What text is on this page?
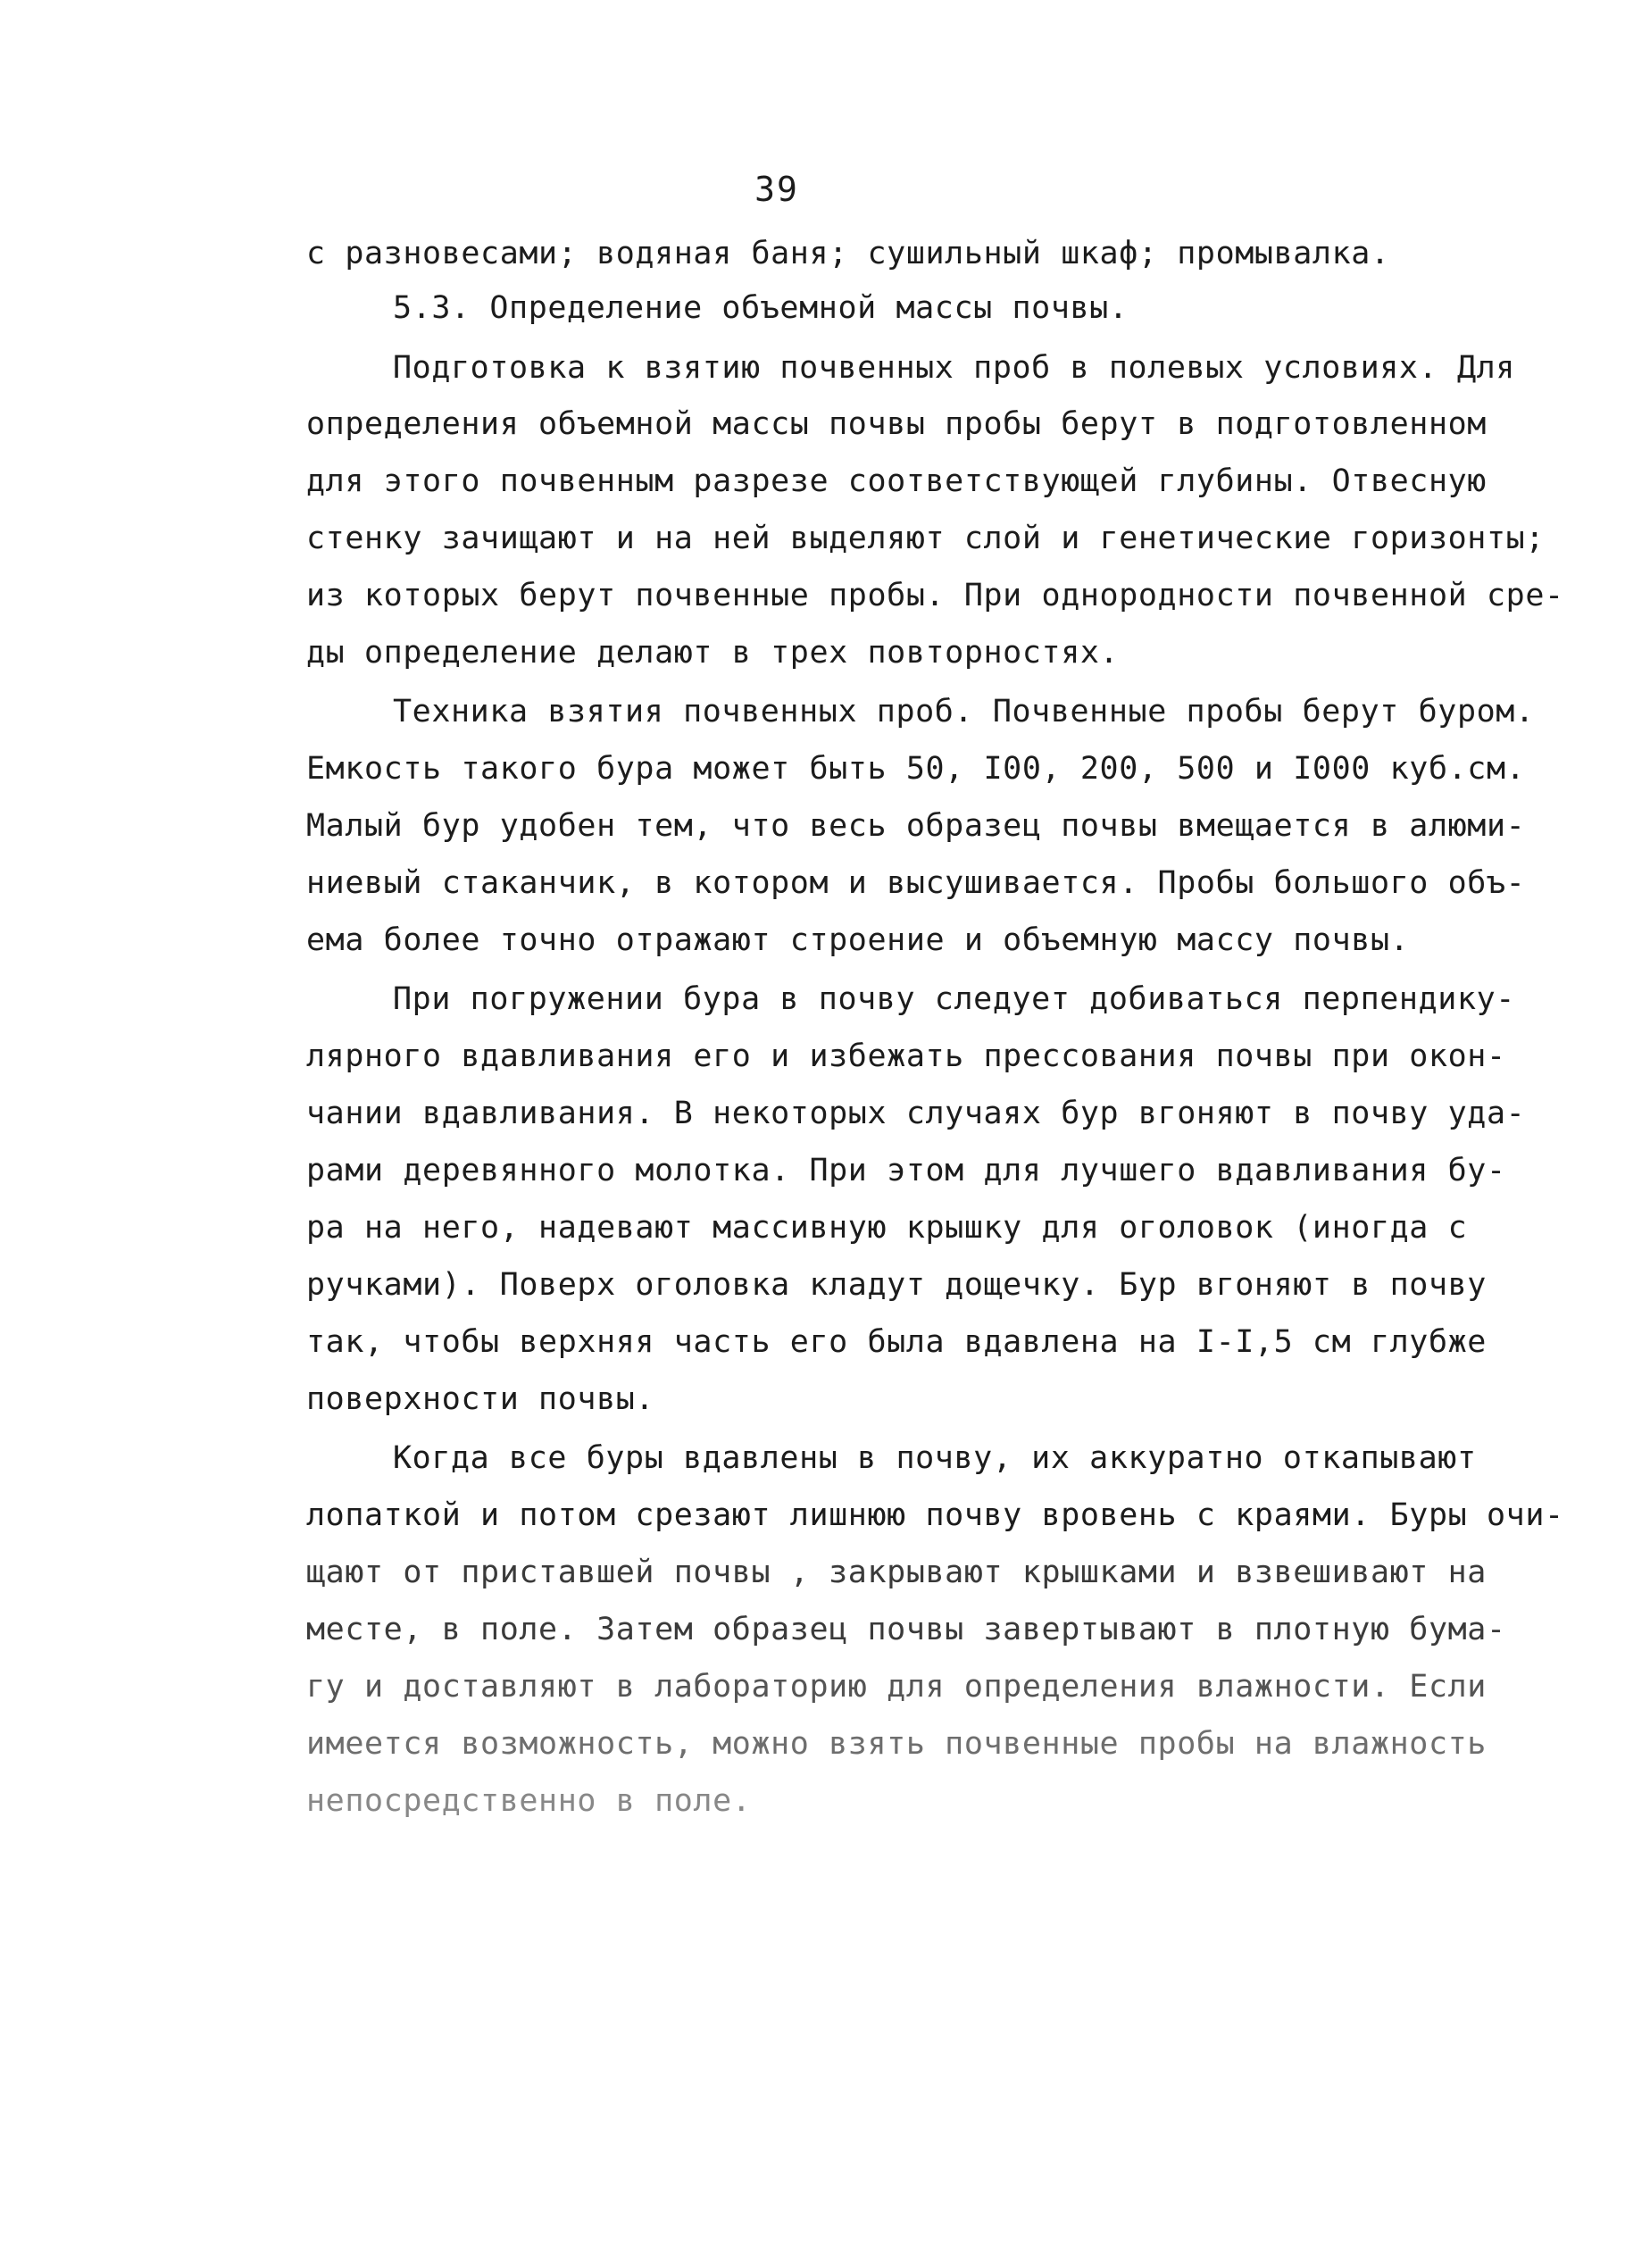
39
с разновесами; водяная баня; сушильный шкаф; промывалка.
5.3. Определение объемной массы почвы.
Подготовка к взятию почвенных проб в полевых условиях. Для
определения объемной массы почвы пробы берут в подготовленном
для этого почвенным разрезе соответствующей глубины. Отвесную
стенку зачищают и на ней выделяют слой и генетические горизонты;
из которых берут почвенные пробы. При однородности почвенной сре-
ды определение делают в трех повторностях.
Техника взятия почвенных проб. Почвенные пробы берут буром.
Емкость такого бура может быть 50, I00, 200, 500 и I000 куб.см.
Малый бур удобен тем, что весь образец почвы вмещается в алюми-
ниевый стаканчик, в котором и высушивается. Пробы большого объ-
ема более точно отражают строение и объемную массу почвы.
При погружении бура в почву следует добиваться перпендику-
лярного вдавливания его и избежать прессования почвы при окон-
чании вдавливания. В некоторых случаях бур вгоняют в почву уда-
рами деревянного молотка. При этом для лучшего вдавливания бу-
ра на него, надевают массивную крышку для оголовок (иногда с
ручками). Поверх оголовка кладут дощечку. Бур вгоняют в почву
так, чтобы верхняя часть его была вдавлена на I-I,5 см глубже
поверхности почвы.
Когда все буры вдавлены в почву, их аккуратно откапывают
лопаткой и потом срезают лишнюю почву вровень с краями. Буры очи-
щают от приставшей почвы , закрывают крышками и взвешивают на
месте, в поле. Затем образец почвы завертывают в плотную бума-
гу и доставляют в лабораторию для определения влажности. Если
имеется возможность, можно взять почвенные пробы на влажность
непосредственно в поле.
